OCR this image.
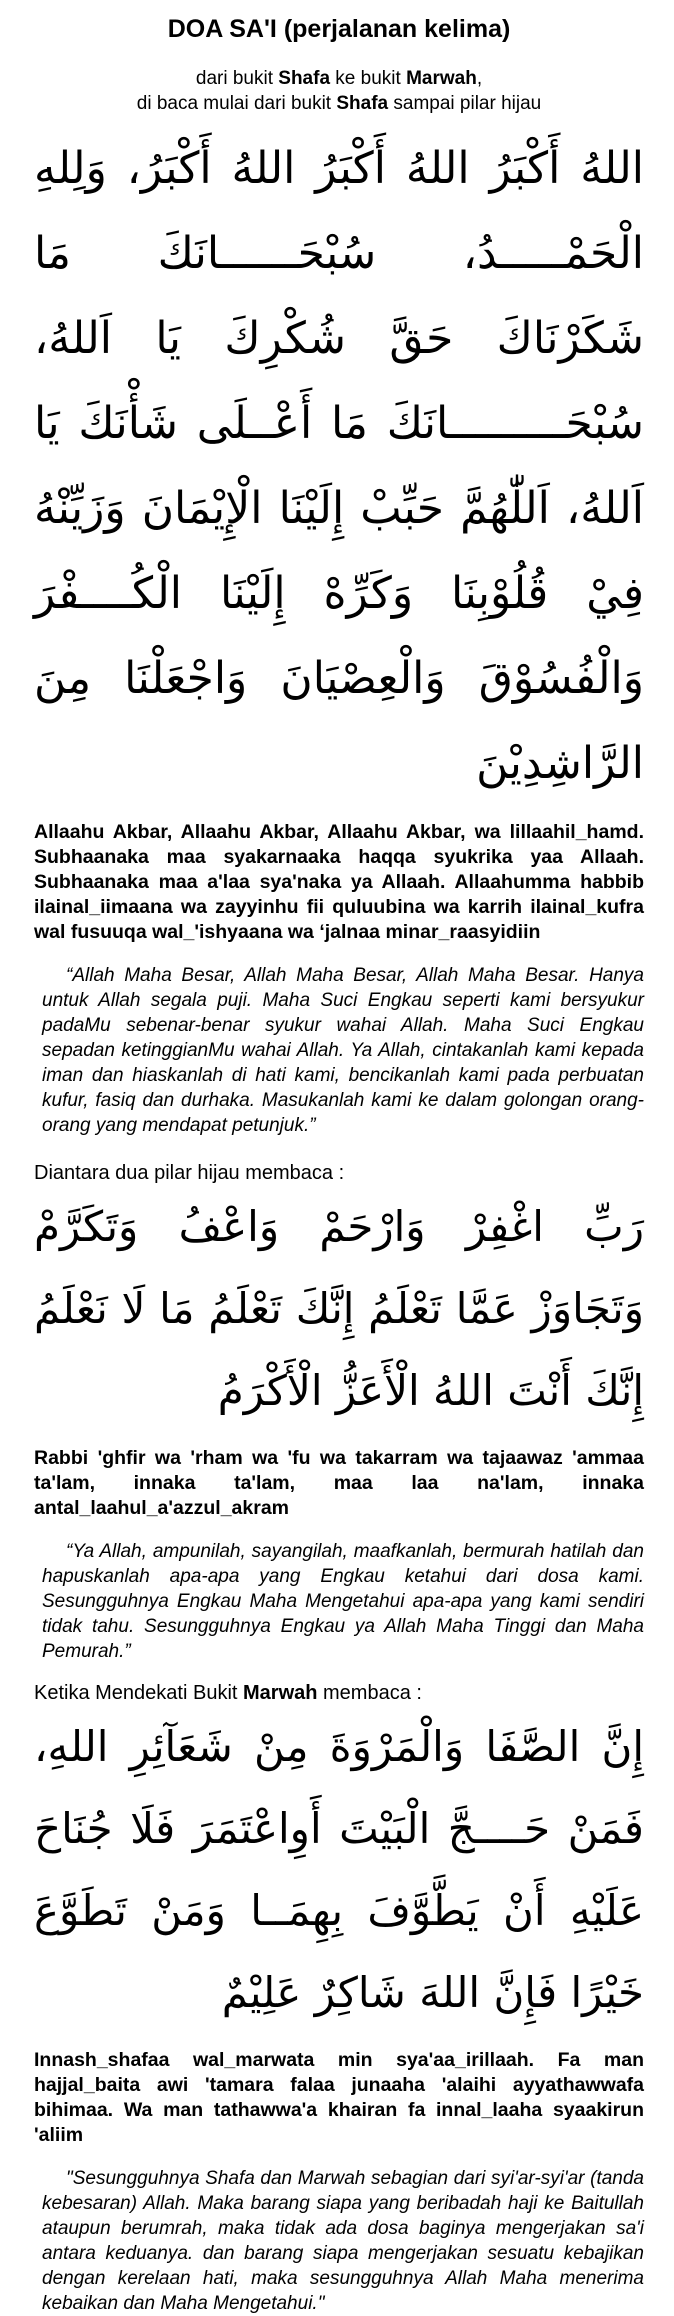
DOA SA'I (perjalanan kelima)

dari bukit Shafa ke bukit Marwah,
di baca mulai dari bukit Shafa sampai pilar hijau

اللهُ أَكْبَرُ اللهُ أَكْبَرُ اللهُ أَكْبَرُ، وَلِلهِ الْحَمْـــــدُ، سُبْحَــــــانَكَ مَا شَكَرْنَاكَ حَقَّ شُكْرِكَ يَا اَللهُ، سُبْحَـــــــــانَكَ مَا أَعْــلَى شَأْنَكَ يَا اَللهُ، اَللّٰهُمَّ حَبِّبْ إِلَيْنَا الْإِيْمَانَ وَزَيِّنْهُ فِيْ قُلُوْبِنَا وَكَرِّهْ إِلَيْنَا الْكُــــفْرَ وَالْفُسُوْقَ وَالْعِصْيَانَ وَاجْعَلْنَا مِنَ الرَّاشِدِيْنَ

Allaahu Akbar, Allaahu Akbar, Allaahu Akbar, wa lillaahil_hamd. Subhaanaka maa syakarnaaka haqqa syukrika yaa Allaah. Subhaanaka maa a'laa sya'naka ya Allaah. Allaahumma habbib ilainal_iimaana wa zayyinhu fii quluubina wa karrih ilainal_kufra wal fusuuqa wal_'ishyaana wa ‘jalnaa minar_raasyidiin

“Allah Maha Besar, Allah Maha Besar, Allah Maha Besar. Hanya untuk Allah segala puji. Maha Suci Engkau seperti kami bersyukur padaMu sebenar-benar syukur wahai Allah. Maha Suci Engkau sepadan ketinggianMu wahai Allah. Ya Allah, cintakanlah kami kepada iman dan hiaskanlah di hati kami, bencikanlah kami pada perbuatan kufur, fasiq dan durhaka. Masukanlah kami ke dalam golongan orang-orang yang mendapat petunjuk.”

Diantara dua pilar hijau membaca :

رَبِّ اغْفِرْ وَارْحَمْ وَاعْفُ وَتَكَرَّمْ وَتَجَاوَزْ عَمَّا تَعْلَمُ إِنَّكَ تَعْلَمُ مَا لَا نَعْلَمُ إِنَّكَ أَنْتَ اللهُ الْأَعَزُّ الْأَكْرَمُ

Rabbi 'ghfir wa 'rham wa 'fu wa takarram wa tajaawaz 'ammaa ta'lam, innaka ta'lam, maa laa na'lam, innaka antal_laahul_a'azzul_akram

“Ya Allah, ampunilah, sayangilah, maafkanlah, bermurah hatilah dan hapuskanlah apa-apa yang Engkau ketahui dari dosa kami. Sesungguhnya Engkau Maha Mengetahui apa-apa yang kami sendiri tidak tahu. Sesungguhnya Engkau ya Allah Maha Tinggi dan Maha Pemurah.”

Ketika Mendekati Bukit Marwah membaca :

إِنَّ الصَّفَا وَالْمَرْوَةَ مِنْ شَعَآئِرِ اللهِ، فَمَنْ حَــــجَّ الْبَيْتَ أَوِاعْتَمَرَ فَلَا جُنَاحَ عَلَيْهِ أَنْ يَطَّوَّفَ بِهِمَــا وَمَنْ تَطَوَّعَ خَيْرًا فَإِنَّ اللهَ شَاكِرٌ عَلِيْمٌ

Innash_shafaa wal_marwata min sya'aa_irillaah. Fa man hajjal_baita awi 'tamara falaa junaaha 'alaihi ayyathawwafa bihimaa. Wa man tathawwa'a khairan fa innal_laaha syaakirun 'aliim

"Sesungguhnya Shafa dan Marwah sebagian dari syi'ar-syi'ar (tanda kebesaran) Allah. Maka barang siapa yang beribadah haji ke Baitullah ataupun berumrah, maka tidak ada dosa baginya mengerjakan sa'i antara keduanya. dan barang siapa mengerjakan sesuatu kebajikan dengan kerelaan hati, maka sesungguhnya Allah Maha menerima kebaikan dan Maha Mengetahui."
